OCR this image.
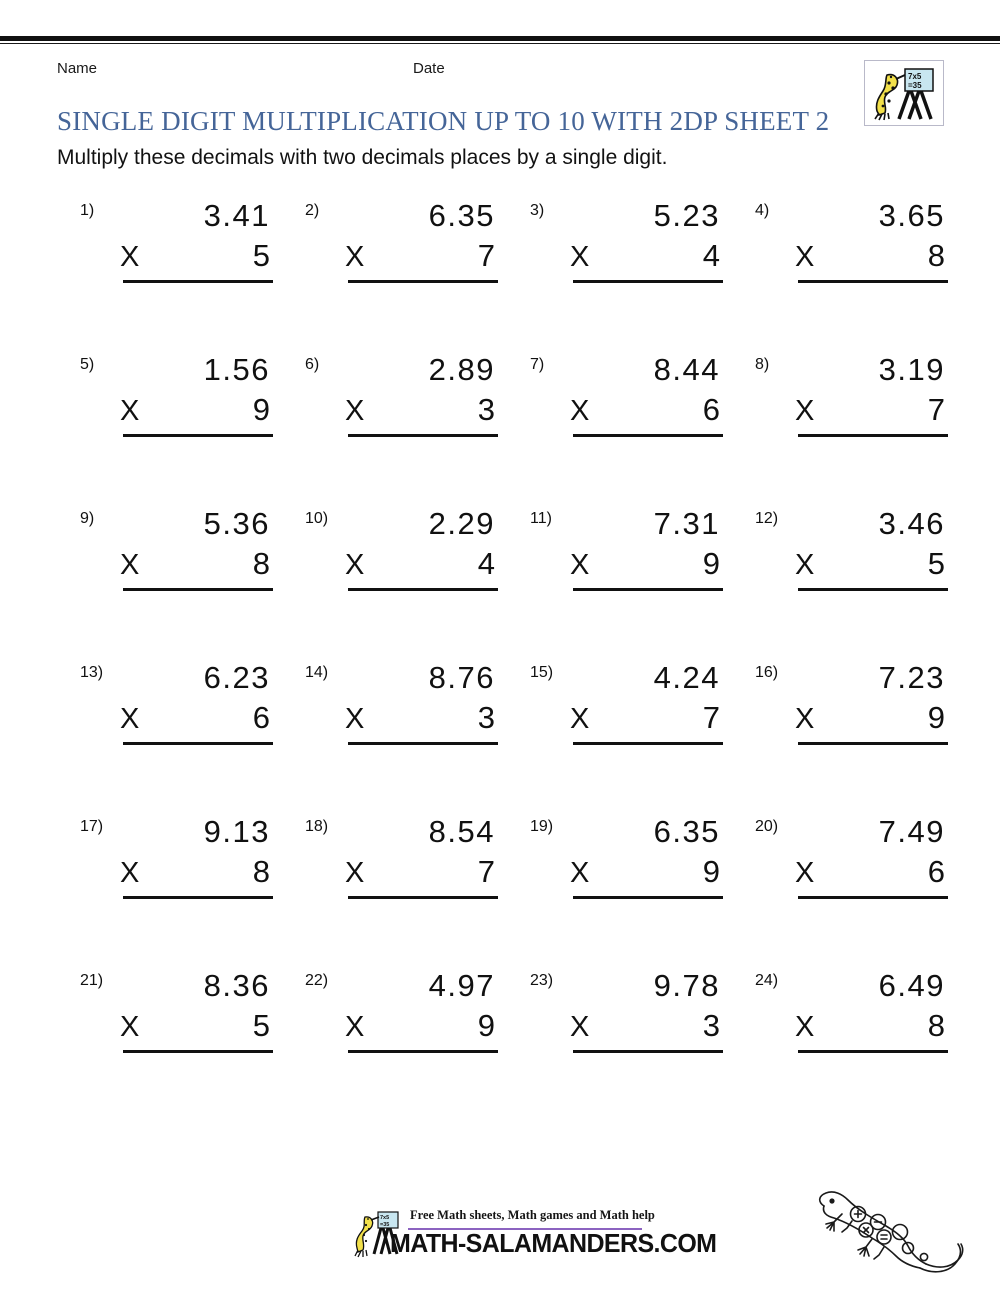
Name	Date	7x5
=35
SINGLE DIGIT MULTIPLICATION UP TO 10 WITH 2DP SHEET 2
Multiply these decimals with two decimals places by a single digit.
1)	3.41
X	5
2)	6.35
X	7
3)	5.23
X	4
4)	3.65
X	8
5)	1.56
X	9
6)	2.89
X	3
7)	8.44
X	6
8)	3.19
X	7
9)	5.36
X	8
10)	2.29
X	4
11)	7.31
X	9
12)	3.46
X	5
13)	6.23
X	6
14)	8.76
X	3
15)	4.24
X	7
16)	7.23
X	9
17)	9.13
X	8
18)	8.54
X	7
19)	6.35
X	9
20)	7.49
X	6
21)	8.36
X	5
22)	4.97
X	9
23)	9.78
X	3
24)	6.49
X	8
7x5
=35
Free Math sheets, Math games and Math help
MATH-SALAMANDERS.COM
